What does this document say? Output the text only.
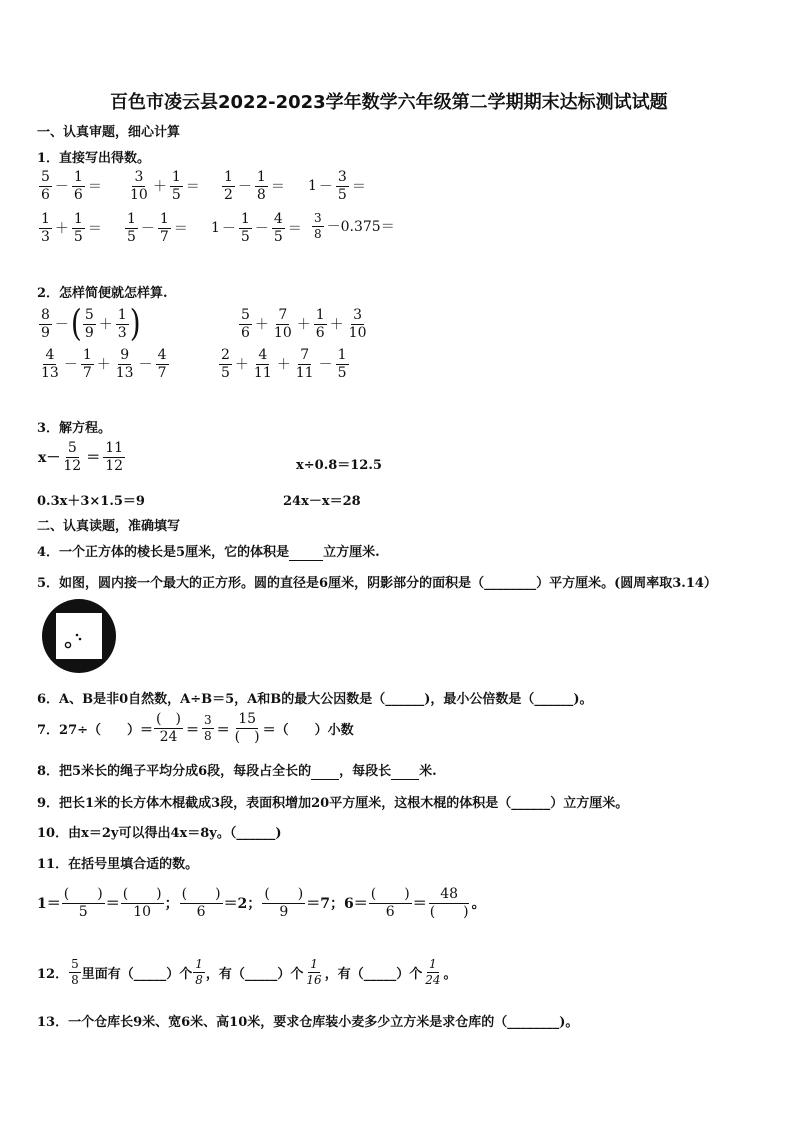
百色市凌云县2022-2023学年数学六年级第二学期期末达标测试试题
一、认真审题，细心计算
1．直接写出得数。
$\frac{5}{6} - \frac{1}{6} = \frac{3}{10} + \frac{1}{5} = \frac{1}{2} - \frac{1}{8} = 1 - \frac{3}{5}$ ＝
$\frac{1}{3} + \frac{1}{5} = \frac{1}{5} - \frac{1}{7} = 1 - \frac{1}{5} - \frac{4}{5} = \frac{3}{8} -0.375=$
2．怎样简便就怎样算.
$\frac{8}{9}$ － ( $\frac{5}{9} + \frac{1}{3}$ )	$\frac{5}{6} + \frac{7}{10} + \frac{1}{6} + \frac{3}{10}$
$\frac{4}{13} - \frac{1}{7} + \frac{9}{13} - \frac{4}{7}$	$\frac{2}{5} + \frac{4}{11} + \frac{7}{11} - \frac{1}{5}$
3．解方程。
$x- \frac{5}{12} = \frac{11}{12}$	x÷0.8＝12.5
0.3x＋3×1.5＝9	24x－x＝28
二、认真读题，准确填写
4．一个正方体的棱长是5厘米，它的体积是	立方厘米.
5．如图，圆内接一个最大的正方形。圆的直径是6厘米，阴影部分的面积是（________）平方厘米。(圆周率取3.14）
6．A、B是非0自然数，A÷B＝5，A和B的最大公因数是（______)，最小公倍数是（______)。
7．27÷（　　）＝ $\frac{( )}{24} = \frac{3}{8} = \frac{15}{( )}$ ＝（　　）小数
8．把5米长的绳子平均分成6段，每段占全长的 ，每段长 米.
9．把长1米的长方体木棍截成3段，表面积增加20平方厘米，这根木棍的体积是（______）立方厘米。
10．由x＝2y可以得出4x＝8y。（______)
11．在括号里填合适的数。
$1= \frac{( )}{5} = \frac{( )}{10}$ ； $\frac{( )}{6} =2$； $\frac{( )}{9} =7$； $6= \frac{( )}{6} = \frac{48}{( )}$ 。
12． $\frac{5}{8}$ 里面有（_____）个 $\frac{1}{8}$ ，有（_____）个 $\frac{1}{16}$ ，有（_____）个 $\frac{1}{24}$ 。
13．一个仓库长9米、宽6米、高10米，要求仓库装小麦多少立方米是求仓库的（________)。
